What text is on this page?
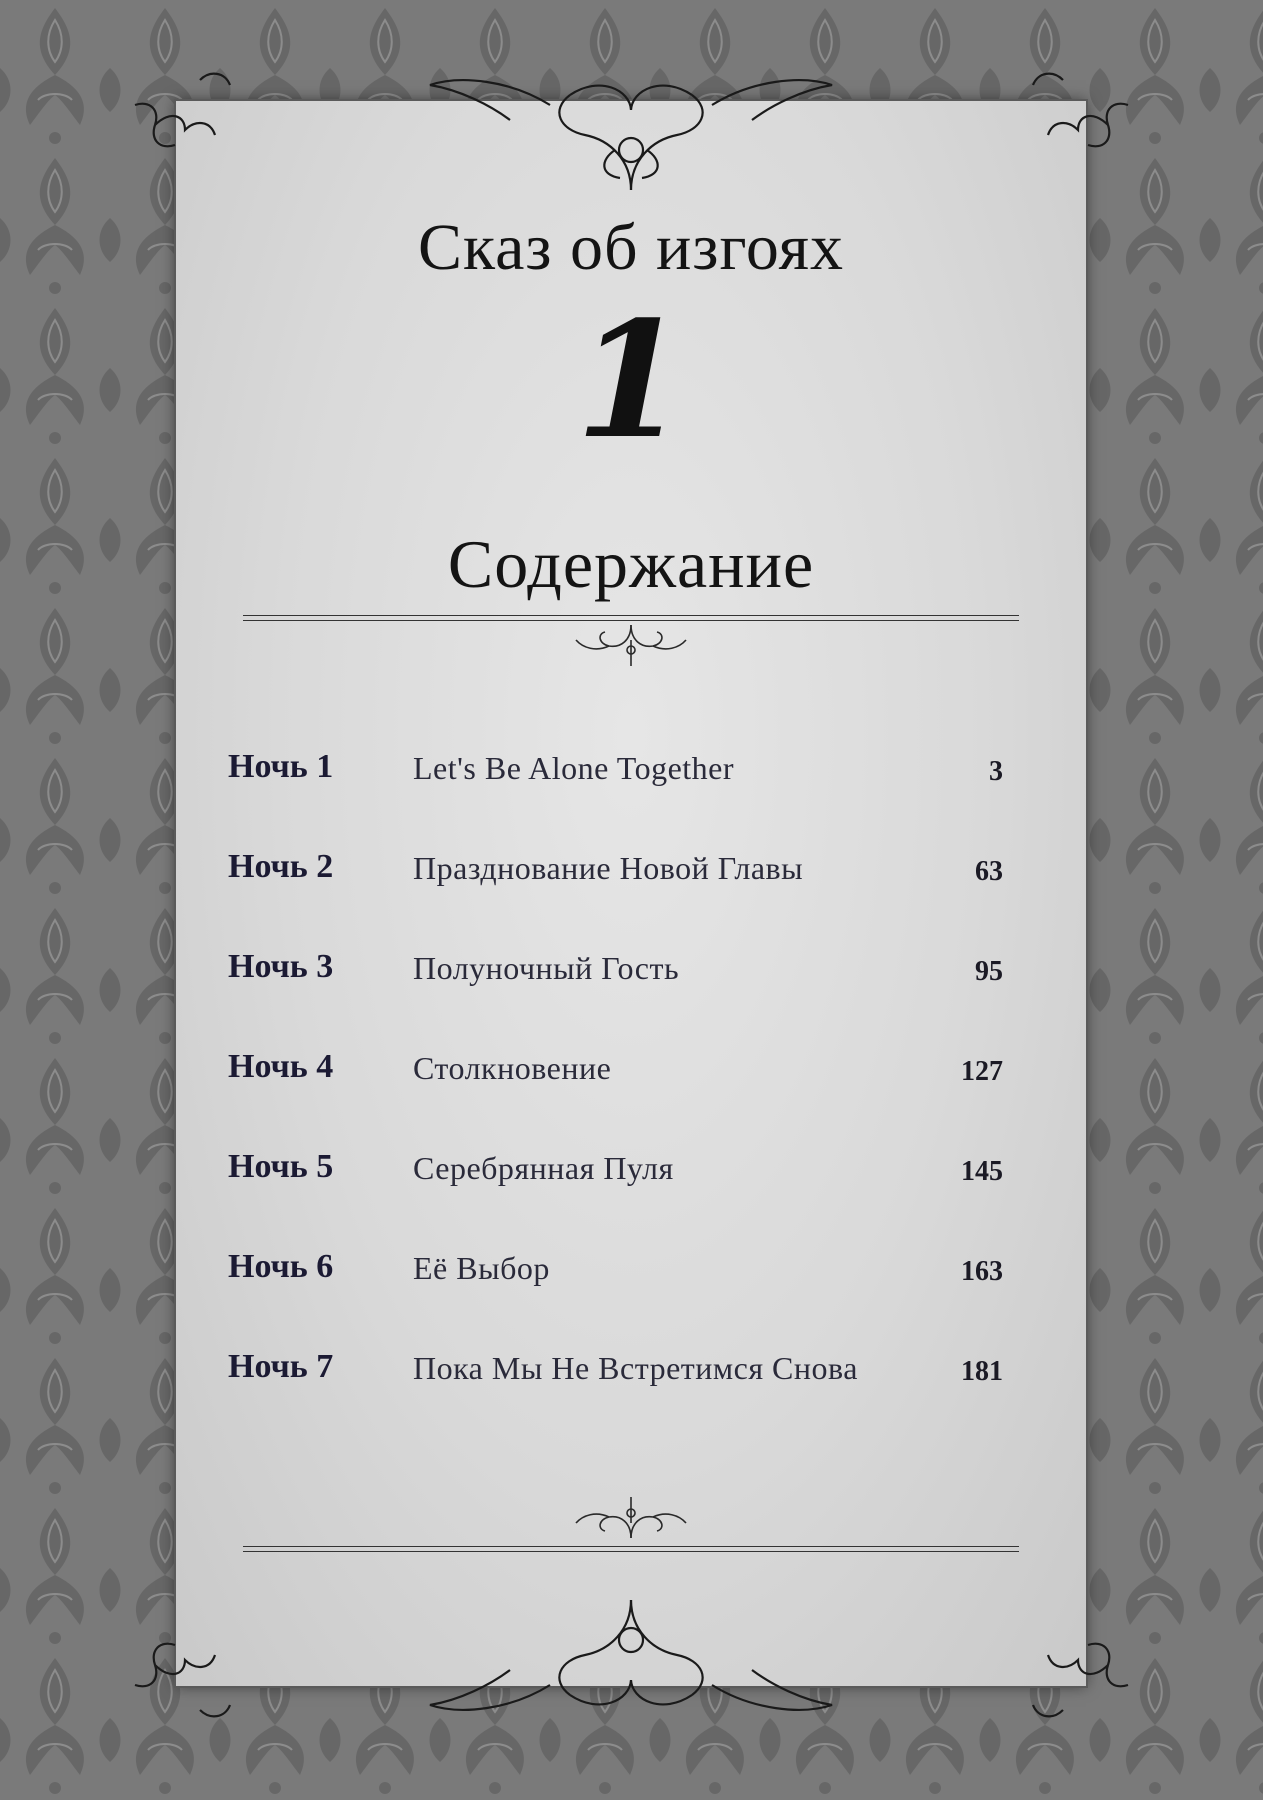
Сказ об изгоях
1
Содержание
Ночь 1 Let's Be Alone Together	3
Ночь 2 Празднование Новой Главы	63
Ночь 3 Полуночный Гость	95
Ночь 4 Столкновение	127
Ночь 5 Серебрянная Пуля	145
Ночь 6 Её Выбор	163
Ночь 7 Пока Мы Не Встретимся Снова	181
